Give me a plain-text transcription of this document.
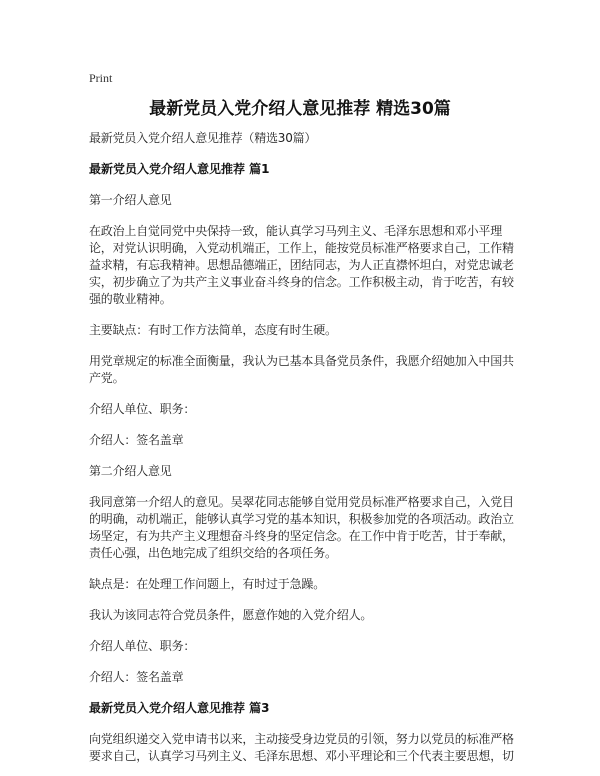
Print
最新党员入党介绍人意见推荐 精选30篇

最新党员入党介绍人意见推荐（精选30篇）

最新党员入党介绍人意见推荐 篇1

第一介绍人意见

在政治上自觉同党中央保持一致，能认真学习马列主义、毛泽东思想和邓小平理论，对党认识明确，入党动机端正，工作上，能按党员标准严格要求自己，工作精益求精，有忘我精神。思想品德端正，团结同志，为人正直襟怀坦白，对党忠诚老实，初步确立了为共产主义事业奋斗终身的信念。工作积极主动，肯于吃苦，有较强的敬业精神。

主要缺点：有时工作方法简单，态度有时生硬。

用党章规定的标准全面衡量，我认为已基本具备党员条件，我愿介绍她加入中国共产党。

介绍人单位、职务：

介绍人：签名盖章

第二介绍人意见

我同意第一介绍人的意见。吴翠花同志能够自觉用党员标准严格要求自己，入党目的明确，动机端正，能够认真学习党的基本知识，积极参加党的各项活动。政治立场坚定，有为共产主义理想奋斗终身的坚定信念。在工作中肯于吃苦，甘于奉献，责任心强，出色地完成了组织交给的各项任务。

缺点是：在处理工作问题上，有时过于急躁。

我认为该同志符合党员条件，愿意作她的入党介绍人。

介绍人单位、职务：

介绍人：签名盖章

最新党员入党介绍人意见推荐 篇3

向党组织递交入党申请书以来，主动接受身边党员的引领，努力以党员的标准严格要求自己，认真学习马列主义、毛泽东思想、邓小平理论和三个代表主要思想，切
